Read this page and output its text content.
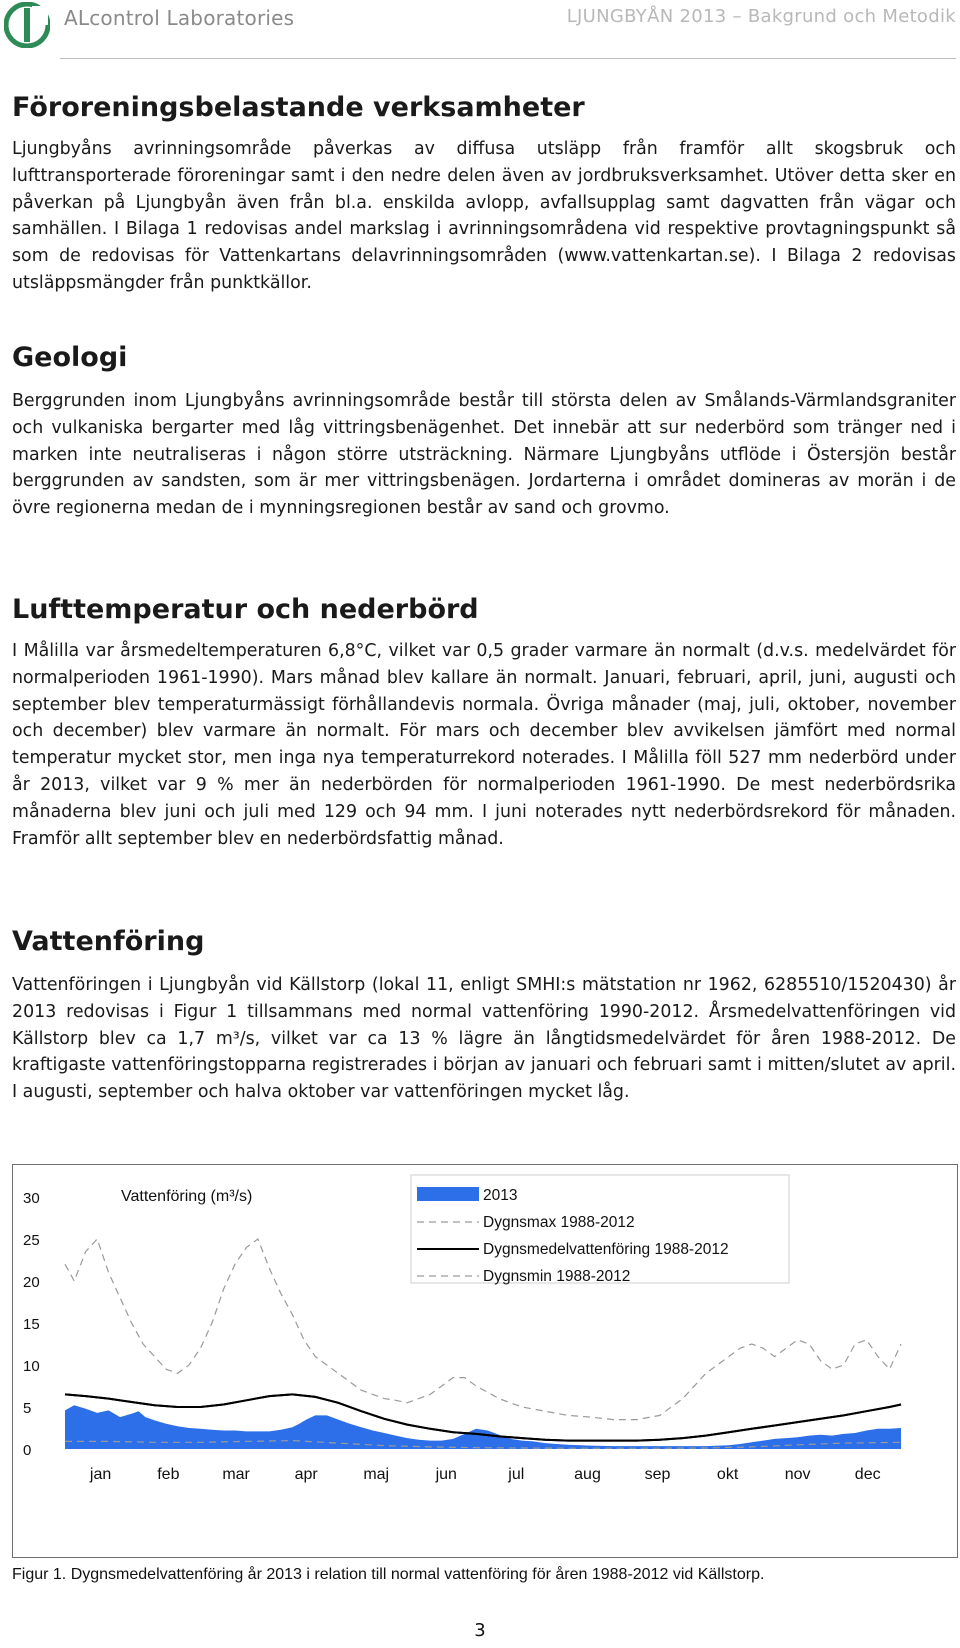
ALcontrol Laboratories	LJUNGBYÅN 2013 – Bakgrund och Metodik
Föroreningsbelastande verksamheter

Ljungbyåns avrinningsområde påverkas av diffusa utsläpp från framför allt skogsbruk och lufttransporterade föroreningar samt i den nedre delen även av jordbruksverksamhet. Utöver detta sker en påverkan på Ljungbyån även från bl.a. enskilda avlopp, avfallsupplag samt dagvatten från vägar och samhällen. I Bilaga 1 redovisas andel markslag i avrinningsområdena vid respektive provtagningspunkt så som de redovisas för Vattenkartans delavrinningsområden (www.vattenkartan.se). I Bilaga 2 redovisas utsläppsmängder från punktkällor.

Geologi

Berggrunden inom Ljungbyåns avrinningsområde består till största delen av Smålands-Värmlandsgraniter och vulkaniska bergarter med låg vittringsbenägenhet. Det innebär att sur nederbörd som tränger ned i marken inte neutraliseras i någon större utsträckning. Närmare Ljungbyåns utflöde i Östersjön består berggrunden av sandsten, som är mer vittringsbenägen. Jordarterna i området domineras av morän i de övre regionerna medan de i mynningsregionen består av sand och grovmo.

Lufttemperatur och nederbörd

I Målilla var årsmedeltemperaturen 6,8°C, vilket var 0,5 grader varmare än normalt (d.v.s. medelvärdet för normalperioden 1961-1990). Mars månad blev kallare än normalt. Januari, februari, april, juni, augusti och september blev temperaturmässigt förhållandevis normala. Övriga månader (maj, juli, oktober, november och december) blev varmare än normalt. För mars och december blev avvikelsen jämfört med normal temperatur mycket stor, men inga nya temperaturrekord noterades. I Målilla föll 527 mm nederbörd under år 2013, vilket var 9 % mer än nederbörden för normalperioden 1961-1990. De mest nederbördsrika månaderna blev juni och juli med 129 och 94 mm. I juni noterades nytt nederbördsrekord för månaden. Framför allt september blev en nederbördsfattig månad.

Vattenföring

Vattenföringen i Ljungbyån vid Källstorp (lokal 11, enligt SMHI:s mätstation nr 1962, 6285510/1520430) år 2013 redovisas i Figur 1 tillsammans med normal vattenföring 1990-2012. Årsmedelvattenföringen vid Källstorp blev ca 1,7 m³/s, vilket var ca 13 % lägre än långtidsmedelvärdet för åren 1988-2012. De kraftigaste vattenföringstopparna registrerades i början av januari och februari samt i mitten/slutet av april. I augusti, september och halva oktober var vattenföringen mycket låg.

0
5
10
15
20
25
30
jan	feb	mar	apr	maj	jun	jul	aug	sep	okt	nov	dec
Vattenföring (m³/s)	2013
Dygnsmax 1988-2012
Dygnsmedelvattenföring 1988-2012
Dygnsmin 1988-2012
Figur 1. Dygnsmedelvattenföring år 2013 i relation till normal vattenföring för åren 1988-2012 vid Källstorp.
3
